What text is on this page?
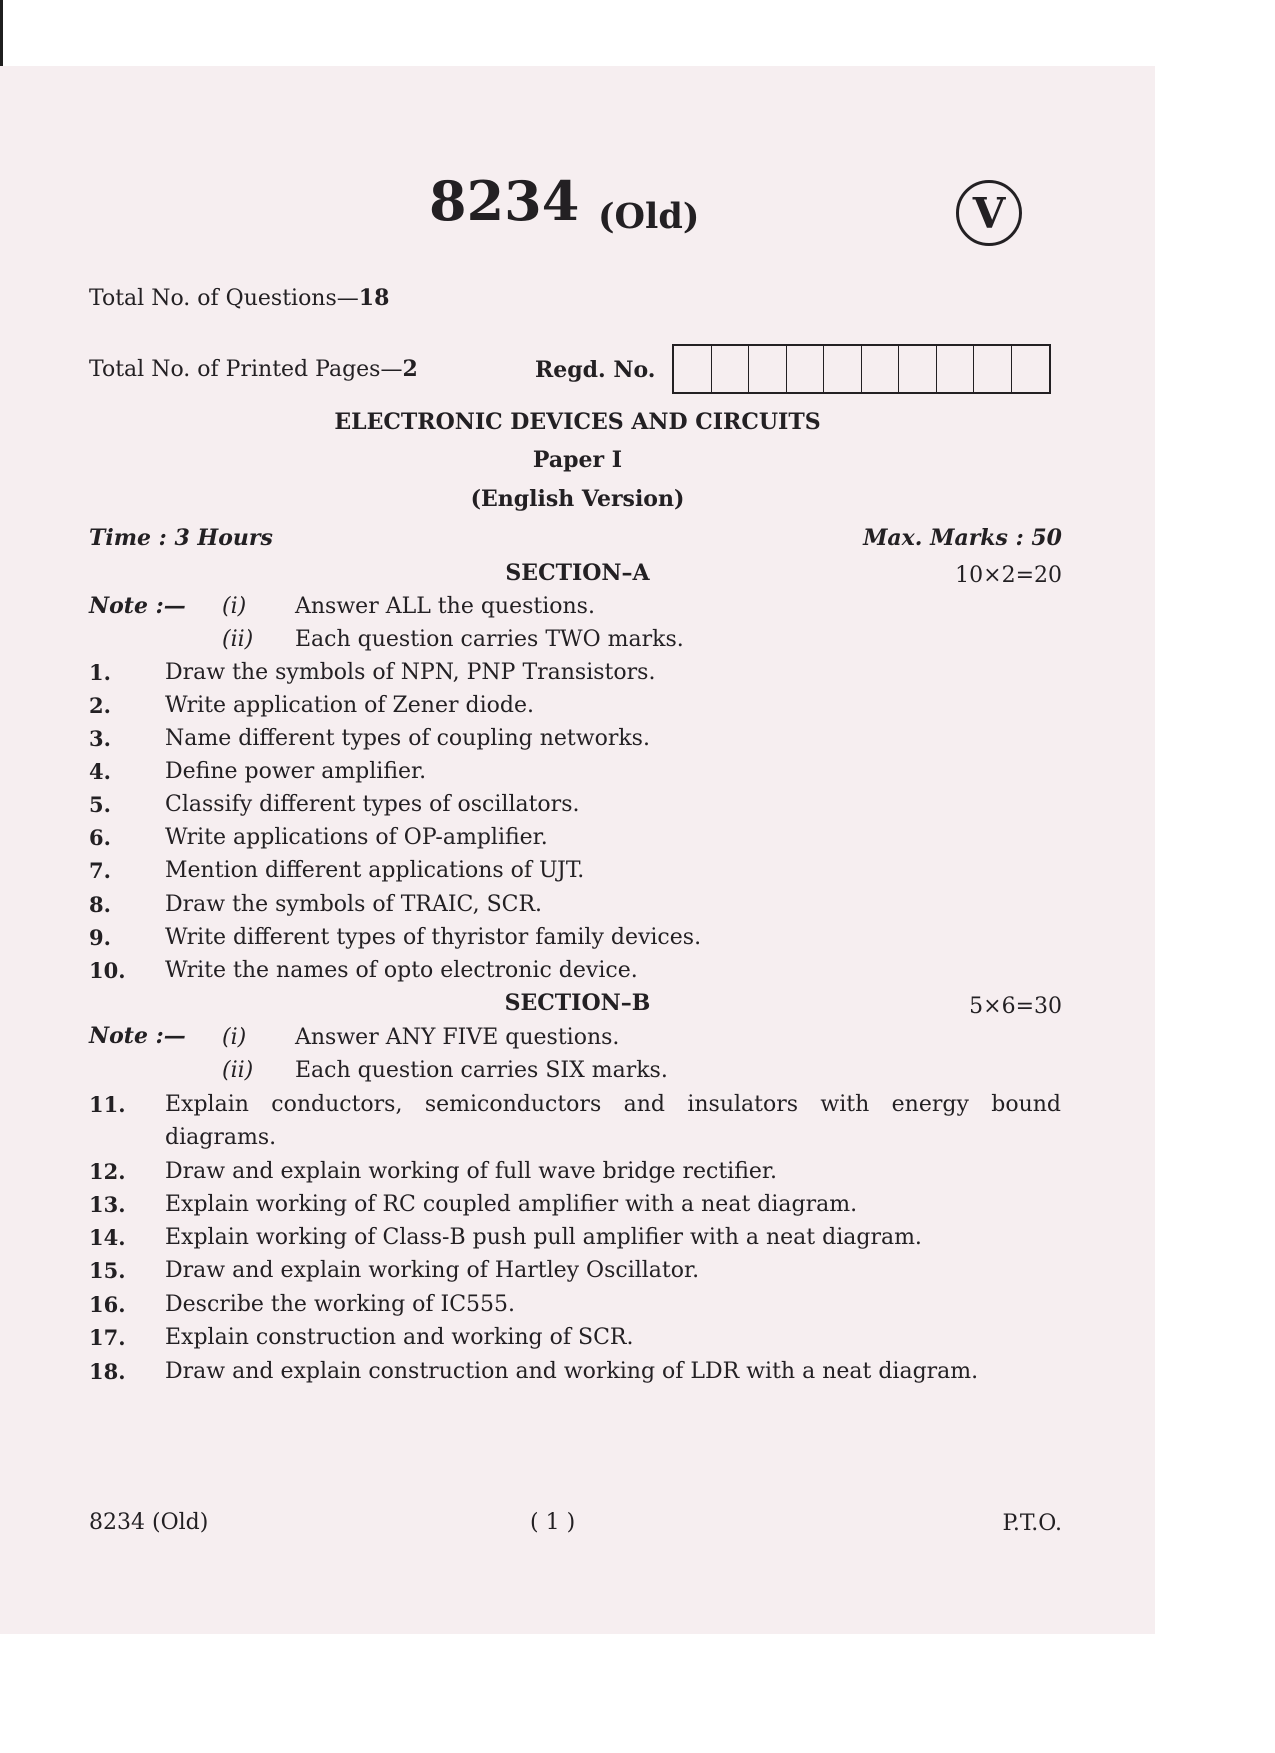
8234 (Old)	V
Total No. of Questions—18
Total No. of Printed Pages—2	Regd. No.
ELECTRONIC DEVICES AND CIRCUITS
Paper I
(English Version)
Time : 3 Hours	Max. Marks : 50
SECTION–A	10×2=20
Note :— (i) Answer ALL the questions.
(ii) Each question carries TWO marks.
1. Draw the symbols of NPN, PNP Transistors.
2. Write application of Zener diode.
3. Name different types of coupling networks.
4. Define power amplifier.
5. Classify different types of oscillators.
6. Write applications of OP-amplifier.
7. Mention different applications of UJT.
8. Draw the symbols of TRAIC, SCR.
9. Write different types of thyristor family devices.
10. Write the names of opto electronic device.
SECTION–B	5×6=30
Note :— (i) Answer ANY FIVE questions.
(ii) Each question carries SIX marks.
11. Explain conductors, semiconductors and insulators with energy bound
diagrams.
12. Draw and explain working of full wave bridge rectifier.
13. Explain working of RC coupled amplifier with a neat diagram.
14. Explain working of Class-B push pull amplifier with a neat diagram.
15. Draw and explain working of Hartley Oscillator.
16. Describe the working of IC555.
17. Explain construction and working of SCR.
18. Draw and explain construction and working of LDR with a neat diagram.
8234 (Old)	( 1 )	P.T.O.
